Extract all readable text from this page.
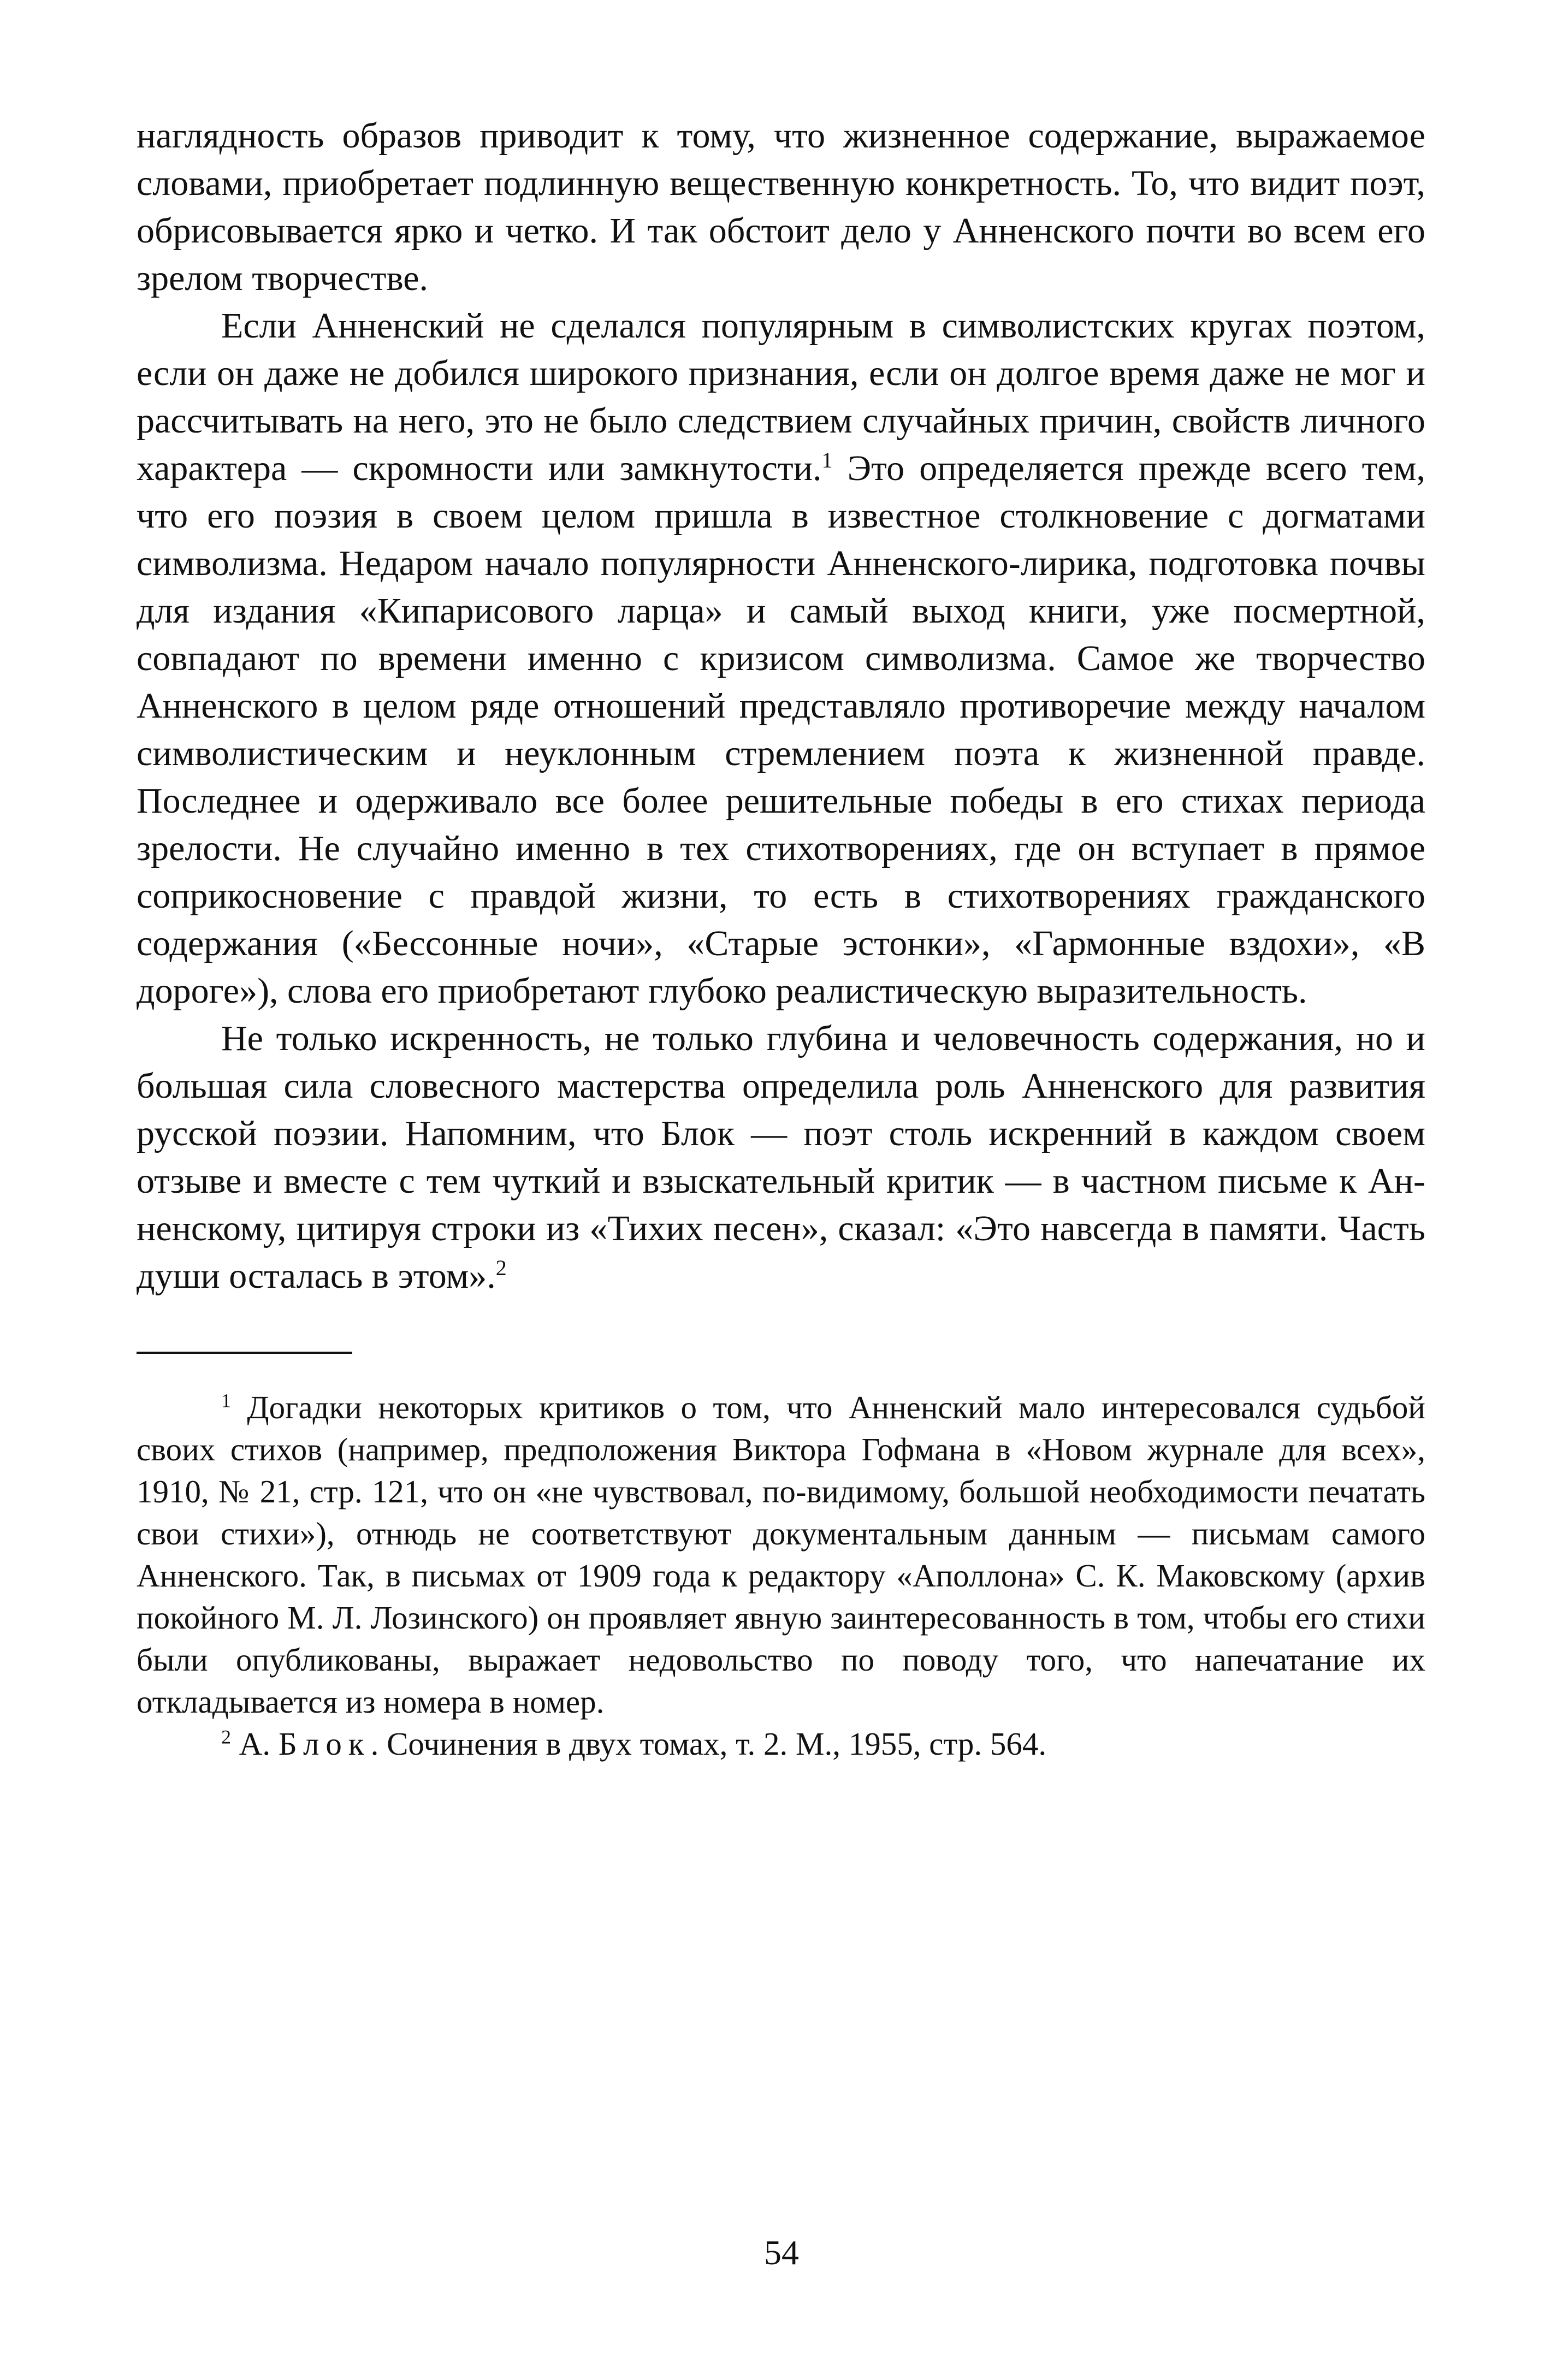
наглядность образов приводит к тому, что жизненное содержание, выражаемое словами, приобретает подлинную вещественную конкретность. То, что видит поэт, обрисовывается ярко и четко. И так обстоит дело у Анненского почти во всем его зрелом творчестве.

Если Анненский не сделался популярным в символистских кругах поэтом, если он даже не добился широкого признания, если он долгое время даже не мог и рассчитывать на него, это не было следствием случайных причин, свойств личного характера — скромности или замкнутости.$^1$ Это определяется прежде всего тем, что его поэзия в своем целом пришла в известное столкновение с догматами символизма. Недаром начало популярности Анненского-лирика, подготовка почвы для издания «Кипарисового ларца» и самый выход книги, уже посмертной, совпадают по времени именно с кризисом символизма. Самое же творчество Анненского в целом ряде отношений представляло противоречие между началом символистическим и неуклонным стремлением поэта к жизненной правде. Последнее и одерживало все более решительные победы в его стихах периода зрелости. Не случайно именно в тех стихотворениях, где он вступает в прямое соприкосновение с правдой жизни, то есть в стихотворениях гражданского содержания («Бессонные ночи», «Старые эстонки», «Гармонные вздохи», «В дороге»), слова его приобретают глубоко реалистическую выразительность.

Не только искренность, не только глубина и человечность содержания, но и большая сила словесного мастерства определила роль Анненского для развития русской поэзии. Напомним, что Блок — поэт столь искренний в каждом своем отзыве и вместе с тем чуткий и взыскательный критик — в частном письме к Анненскому, цитируя строки из «Тихих песен», сказал: «Это навсегда в памяти. Часть души осталась в этом».$^2$

$^1$ Догадки некоторых критиков о том, что Анненский мало интересовался судьбой своих стихов (например, предположения Виктора Гофмана в «Новом журнале для всех», 1910, № 21, стр. 121, что он «не чувствовал, по-видимому, большой необходимости печатать свои стихи»), отнюдь не соответствуют документальным данным — письмам самого Анненского. Так, в письмах от 1909 года к редактору «Аполлона» С. К. Маковскому (архив покойного М. Л. Лозинского) он проявляет явную заинтересованность в том, чтобы его стихи были опубликованы, выражает недовольство по поводу того, что напечатание их откладывается из номера в номер.

$^2$ А. Блок. Сочинения в двух томах, т. 2. М., 1955, стр. 564.

54
